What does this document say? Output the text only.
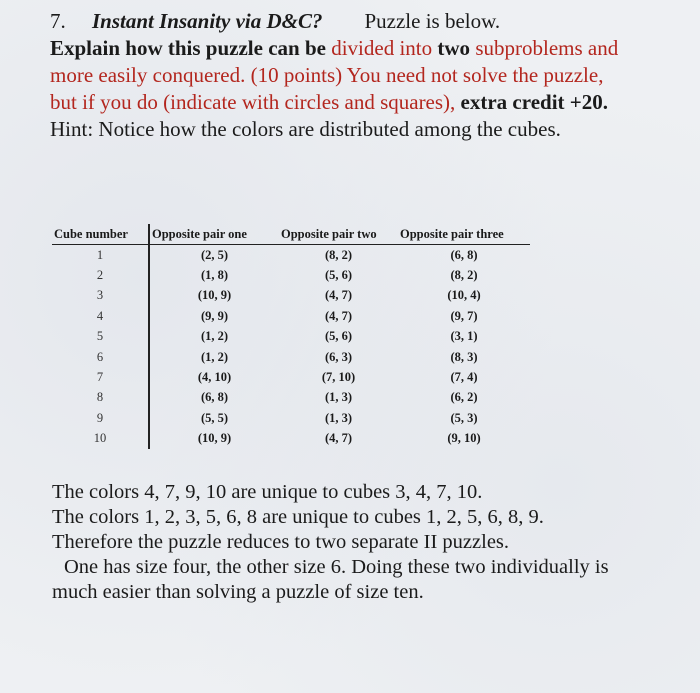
7. Instant Insanity via D&C? Puzzle is below.
Explain how this puzzle can be divided into two subproblems and more easily conquered. (10 points) You need not solve the puzzle, but if you do (indicate with circles and squares), extra credit +20.    Hint: Notice how the colors are distributed among the cubes.
Cube number	Opposite pair one	Opposite pair two	Opposite pair three
1	(2, 5)	(8, 2)	(6, 8)
2	(1, 8)	(5, 6)	(8, 2)
3	(10, 9)	(4, 7)	(10, 4)
4	(9, 9)	(4, 7)	(9, 7)
5	(1, 2)	(5, 6)	(3, 1)
6	(1, 2)	(6, 3)	(8, 3)
7	(4, 10)	(7, 10)	(7, 4)
8	(6, 8)	(1, 3)	(6, 2)
9	(5, 5)	(1, 3)	(5, 3)
10	(10, 9)	(4, 7)	(9, 10)

The colors 4, 7, 9, 10 are unique to cubes 3, 4, 7, 10.

The colors 1, 2, 3, 5, 6, 8 are unique to cubes 1, 2, 5, 6, 8, 9.

Therefore the puzzle reduces to two separate II puzzles.

One has size four, the other size 6. Doing these two individually is much easier than solving a puzzle of size ten.
